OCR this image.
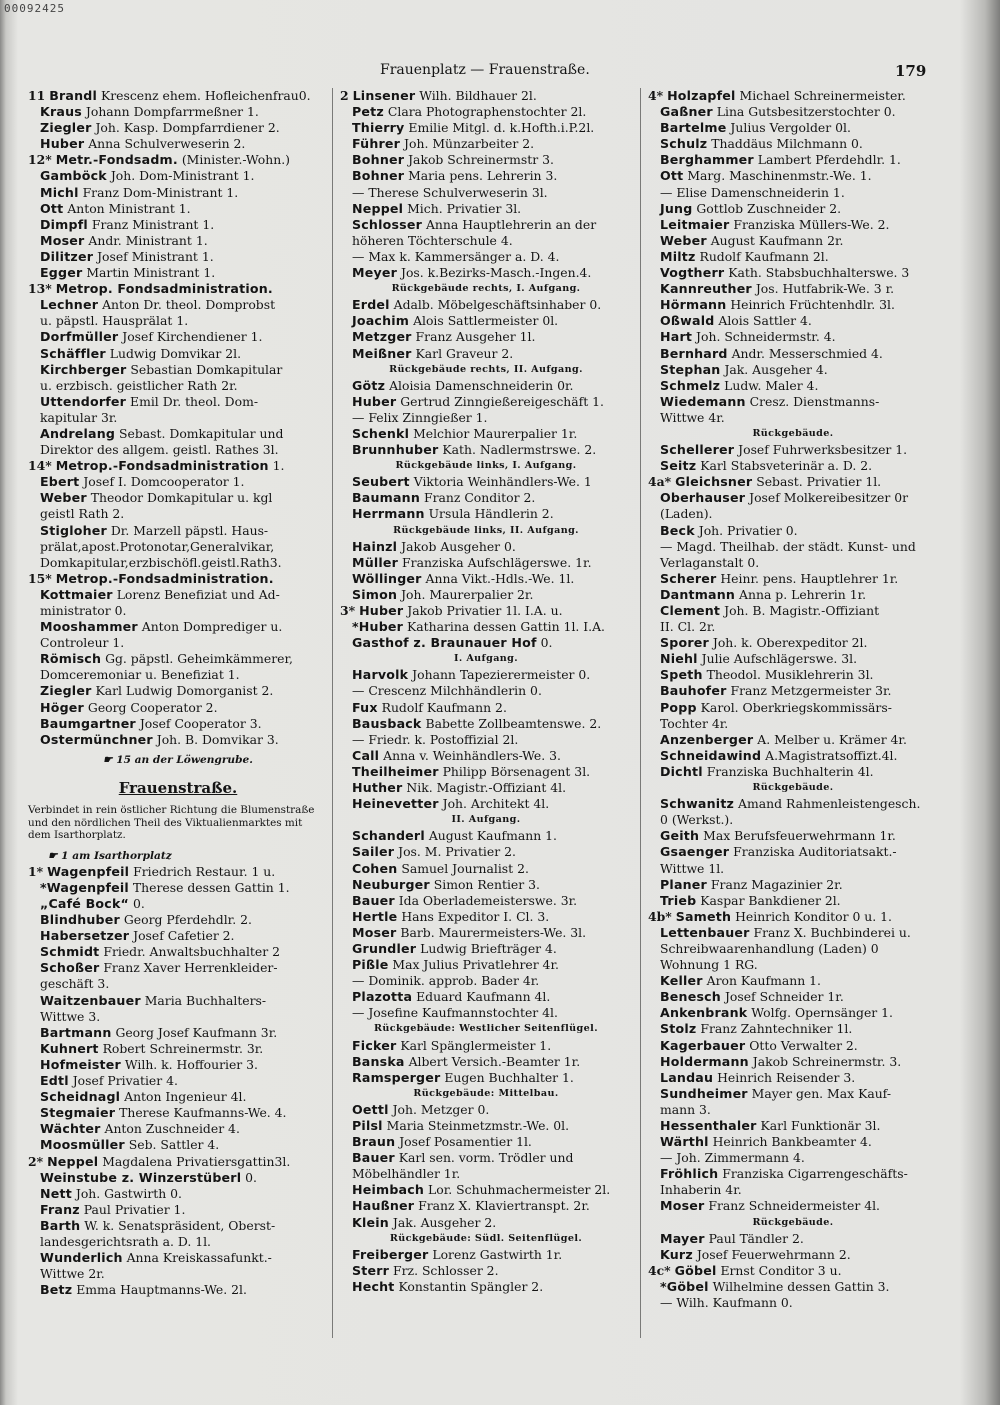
00092425
Frauenplatz — Frauenstraße.	179
11 Brandl Krescenz ehem. Hofleichenfrau0.
Kraus Johann Dompfarrmeßner 1.
Ziegler Joh. Kasp. Dompfarrdiener 2.
Huber Anna Schulverweserin 2.
12* Metr.-Fondsadm. (Minister.-Wohn.)
Gamböck Joh. Dom-Ministrant 1.
Michl Franz Dom-Ministrant 1.
Ott Anton Ministrant 1.
Dimpfl Franz Ministrant 1.
Moser Andr. Ministrant 1.
Dilitzer Josef Ministrant 1.
Egger Martin Ministrant 1.
13* Metrop. Fondsadministration.
Lechner Anton Dr. theol. Domprobst
u. päpstl. Hausprälat 1.
Dorfmüller Josef Kirchendiener 1.
Schäffler Ludwig Domvikar 2l.
Kirchberger Sebastian Domkapitular
u. erzbisch. geistlicher Rath 2r.
Uttendorfer Emil Dr. theol. Dom-
kapitular 3r.
Andrelang Sebast. Domkapitular und
Direktor des allgem. geistl. Rathes 3l.
14* Metrop.-Fondsadministration 1.
Ebert Josef I. Domcooperator 1.
Weber Theodor Domkapitular u. kgl
geistl Rath 2.
Stigloher Dr. Marzell päpstl. Haus-
prälat,apost.Protonotar,Generalvikar,
Domkapitular,erzbischöfl.geistl.Rath3.
15* Metrop.-Fondsadministration.
Kottmaier Lorenz Benefiziat und Ad-
ministrator 0.
Mooshammer Anton Domprediger u.
Controleur 1.
Römisch Gg. päpstl. Geheimkämmerer,
Domceremoniar u. Benefiziat 1.
Ziegler Karl Ludwig Domorganist 2.
Höger Georg Cooperator 2.
Baumgartner Josef Cooperator 3.
Ostermünchner Joh. B. Domvikar 3.
☛ 15 an der Löwengrube.
Frauenstraße.
Verbindet in rein östlicher Richtung die Blumenstraße und den nördlichen Theil des Viktualienmarktes mit dem Isarthorplatz.
☛ 1 am Isarthorplatz
1* Wagenpfeil Friedrich Restaur. 1 u.
*Wagenpfeil Therese dessen Gattin 1.
„Café Bock“ 0.
Blindhuber Georg Pferdehdlr. 2.
Habersetzer Josef Cafetier 2.
Schmidt Friedr. Anwaltsbuchhalter 2
Schoßer Franz Xaver Herrenkleider-
geschäft 3.
Waitzenbauer Maria Buchhalters-
Wittwe 3.
Bartmann Georg Josef Kaufmann 3r.
Kuhnert Robert Schreinermstr. 3r.
Hofmeister Wilh. k. Hoffourier 3.
Edtl Josef Privatier 4.
Scheidnagl Anton Ingenieur 4l.
Stegmaier Therese Kaufmanns-We. 4.
Wächter Anton Zuschneider 4.
Moosmüller Seb. Sattler 4.
2* Neppel Magdalena Privatiersgattin3l.
Weinstube z. Winzerstüberl 0.
Nett Joh. Gastwirth 0.
Franz Paul Privatier 1.
Barth W. k. Senatspräsident, Oberst-
landesgerichtsrath a. D. 1l.
Wunderlich Anna Kreiskassafunkt.-
Wittwe 2r.
Betz Emma Hauptmanns-We. 2l.
2 Linsener Wilh. Bildhauer 2l.
Petz Clara Photographenstochter 2l.
Thierry Emilie Mitgl. d. k.Hofth.i.P.2l.
Führer Joh. Münzarbeiter 2.
Bohner Jakob Schreinermstr 3.
Bohner Maria pens. Lehrerin 3.
— Therese Schulverweserin 3l.
Neppel Mich. Privatier 3l.
Schlosser Anna Hauptlehrerin an der
höheren Töchterschule 4.
— Max k. Kammersänger a. D. 4.
Meyer Jos. k.Bezirks-Masch.-Ingen.4.
Rückgebäude rechts, I. Aufgang.
Erdel Adalb. Möbelgeschäftsinhaber 0.
Joachim Alois Sattlermeister 0l.
Metzger Franz Ausgeher 1l.
Meißner Karl Graveur 2.
Rückgebäude rechts, II. Aufgang.
Götz Aloisia Damenschneiderin 0r.
Huber Gertrud Zinngießereigeschäft 1.
— Felix Zinngießer 1.
Schenkl Melchior Maurerpalier 1r.
Brunnhuber Kath. Nadlermstrswe. 2.
Rückgebäude links, I. Aufgang.
Seubert Viktoria Weinhändlers-We. 1
Baumann Franz Conditor 2.
Herrmann Ursula Händlerin 2.
Rückgebäude links, II. Aufgang.
Hainzl Jakob Ausgeher 0.
Müller Franziska Aufschlägerswe. 1r.
Wöllinger Anna Vikt.-Hdls.-We. 1l.
Simon Joh. Maurerpalier 2r.
3* Huber Jakob Privatier 1l. I.A. u.
*Huber Katharina dessen Gattin 1l. I.A.
Gasthof z. Braunauer Hof 0.
I. Aufgang.
Harvolk Johann Tapezierermeister 0.
— Crescenz Milchhändlerin 0.
Fux Rudolf Kaufmann 2.
Bausback Babette Zollbeamtenswe. 2.
— Friedr. k. Postoffizial 2l.
Call Anna v. Weinhändlers-We. 3.
Theilheimer Philipp Börsenagent 3l.
Huther Nik. Magistr.-Offiziant 4l.
Heinevetter Joh. Architekt 4l.
II. Aufgang.
Schanderl August Kaufmann 1.
Sailer Jos. M. Privatier 2.
Cohen Samuel Journalist 2.
Neuburger Simon Rentier 3.
Bauer Ida Oberlademeisterswe. 3r.
Hertle Hans Expeditor I. Cl. 3.
Moser Barb. Maurermeisters-We. 3l.
Grundler Ludwig Briefträger 4.
Pißle Max Julius Privatlehrer 4r.
— Dominik. approb. Bader 4r.
Plazotta Eduard Kaufmann 4l.
— Josefine Kaufmannstochter 4l.
Rückgebäude: Westlicher Seitenflügel.
Ficker Karl Spänglermeister 1.
Banska Albert Versich.-Beamter 1r.
Ramsperger Eugen Buchhalter 1.
Rückgebäude: Mittelbau.
Oettl Joh. Metzger 0.
Pilsl Maria Steinmetzmstr.-We. 0l.
Braun Josef Posamentier 1l.
Bauer Karl sen. vorm. Trödler und
Möbelhändler 1r.
Heimbach Lor. Schuhmachermeister 2l.
Haußner Franz X. Klaviertranspt. 2r.
Klein Jak. Ausgeher 2.
Rückgebäude: Südl. Seitenflügel.
Freiberger Lorenz Gastwirth 1r.
Sterr Frz. Schlosser 2.
Hecht Konstantin Spängler 2.
4* Holzapfel Michael Schreinermeister.
Gaßner Lina Gutsbesitzerstochter 0.
Bartelme Julius Vergolder 0l.
Schulz Thaddäus Milchmann 0.
Berghammer Lambert Pferdehdlr. 1.
Ott Marg. Maschinenmstr.-We. 1.
— Elise Damenschneiderin 1.
Jung Gottlob Zuschneider 2.
Leitmaier Franziska Müllers-We. 2.
Weber August Kaufmann 2r.
Miltz Rudolf Kaufmann 2l.
Vogtherr Kath. Stabsbuchhalterswe. 3
Kannreuther Jos. Hutfabrik-We. 3 r.
Hörmann Heinrich Früchtenhdlr. 3l.
Oßwald Alois Sattler 4.
Hart Joh. Schneidermstr. 4.
Bernhard Andr. Messerschmied 4.
Stephan Jak. Ausgeher 4.
Schmelz Ludw. Maler 4.
Wiedemann Cresz. Dienstmanns-
Wittwe 4r.
Rückgebäude.
Schellerer Josef Fuhrwerksbesitzer 1.
Seitz Karl Stabsveterinär a. D. 2.
4a* Gleichsner Sebast. Privatier 1l.
Oberhauser Josef Molkereibesitzer 0r
(Laden).
Beck Joh. Privatier 0.
— Magd. Theilhab. der städt. Kunst- und
Verlaganstalt 0.
Scherer Heinr. pens. Hauptlehrer 1r.
Dantmann Anna p. Lehrerin 1r.
Clement Joh. B. Magistr.-Offiziant
II. Cl. 2r.
Sporer Joh. k. Oberexpeditor 2l.
Niehl Julie Aufschlägerswe. 3l.
Speth Theodol. Musiklehrerin 3l.
Bauhofer Franz Metzgermeister 3r.
Popp Karol. Oberkriegskommissärs-
Tochter 4r.
Anzenberger A. Melber u. Krämer 4r.
Schneidawind A.Magistratsoffizt.4l.
Dichtl Franziska Buchhalterin 4l.
Rückgebäude.
Schwanitz Amand Rahmenleistengesch.
0 (Werkst.).
Geith Max Berufsfeuerwehrmann 1r.
Gsaenger Franziska Auditoriatsakt.-
Wittwe 1l.
Planer Franz Magazinier 2r.
Trieb Kaspar Bankdiener 2l.
4b* Sameth Heinrich Konditor 0 u. 1.
Lettenbauer Franz X. Buchbinderei u.
Schreibwaarenhandlung (Laden) 0
Wohnung 1 RG.
Keller Aron Kaufmann 1.
Benesch Josef Schneider 1r.
Ankenbrank Wolfg. Opernsänger 1.
Stolz Franz Zahntechniker 1l.
Kagerbauer Otto Verwalter 2.
Holdermann Jakob Schreinermstr. 3.
Landau Heinrich Reisender 3.
Sundheimer Mayer gen. Max Kauf-
mann 3.
Hessenthaler Karl Funktionär 3l.
Wärthl Heinrich Bankbeamter 4.
— Joh. Zimmermann 4.
Fröhlich Franziska Cigarrengeschäfts-
Inhaberin 4r.
Moser Franz Schneidermeister 4l.
Rückgebäude.
Mayer Paul Tändler 2.
Kurz Josef Feuerwehrmann 2.
4c* Göbel Ernst Conditor 3 u.
*Göbel Wilhelmine dessen Gattin 3.
— Wilh. Kaufmann 0.
